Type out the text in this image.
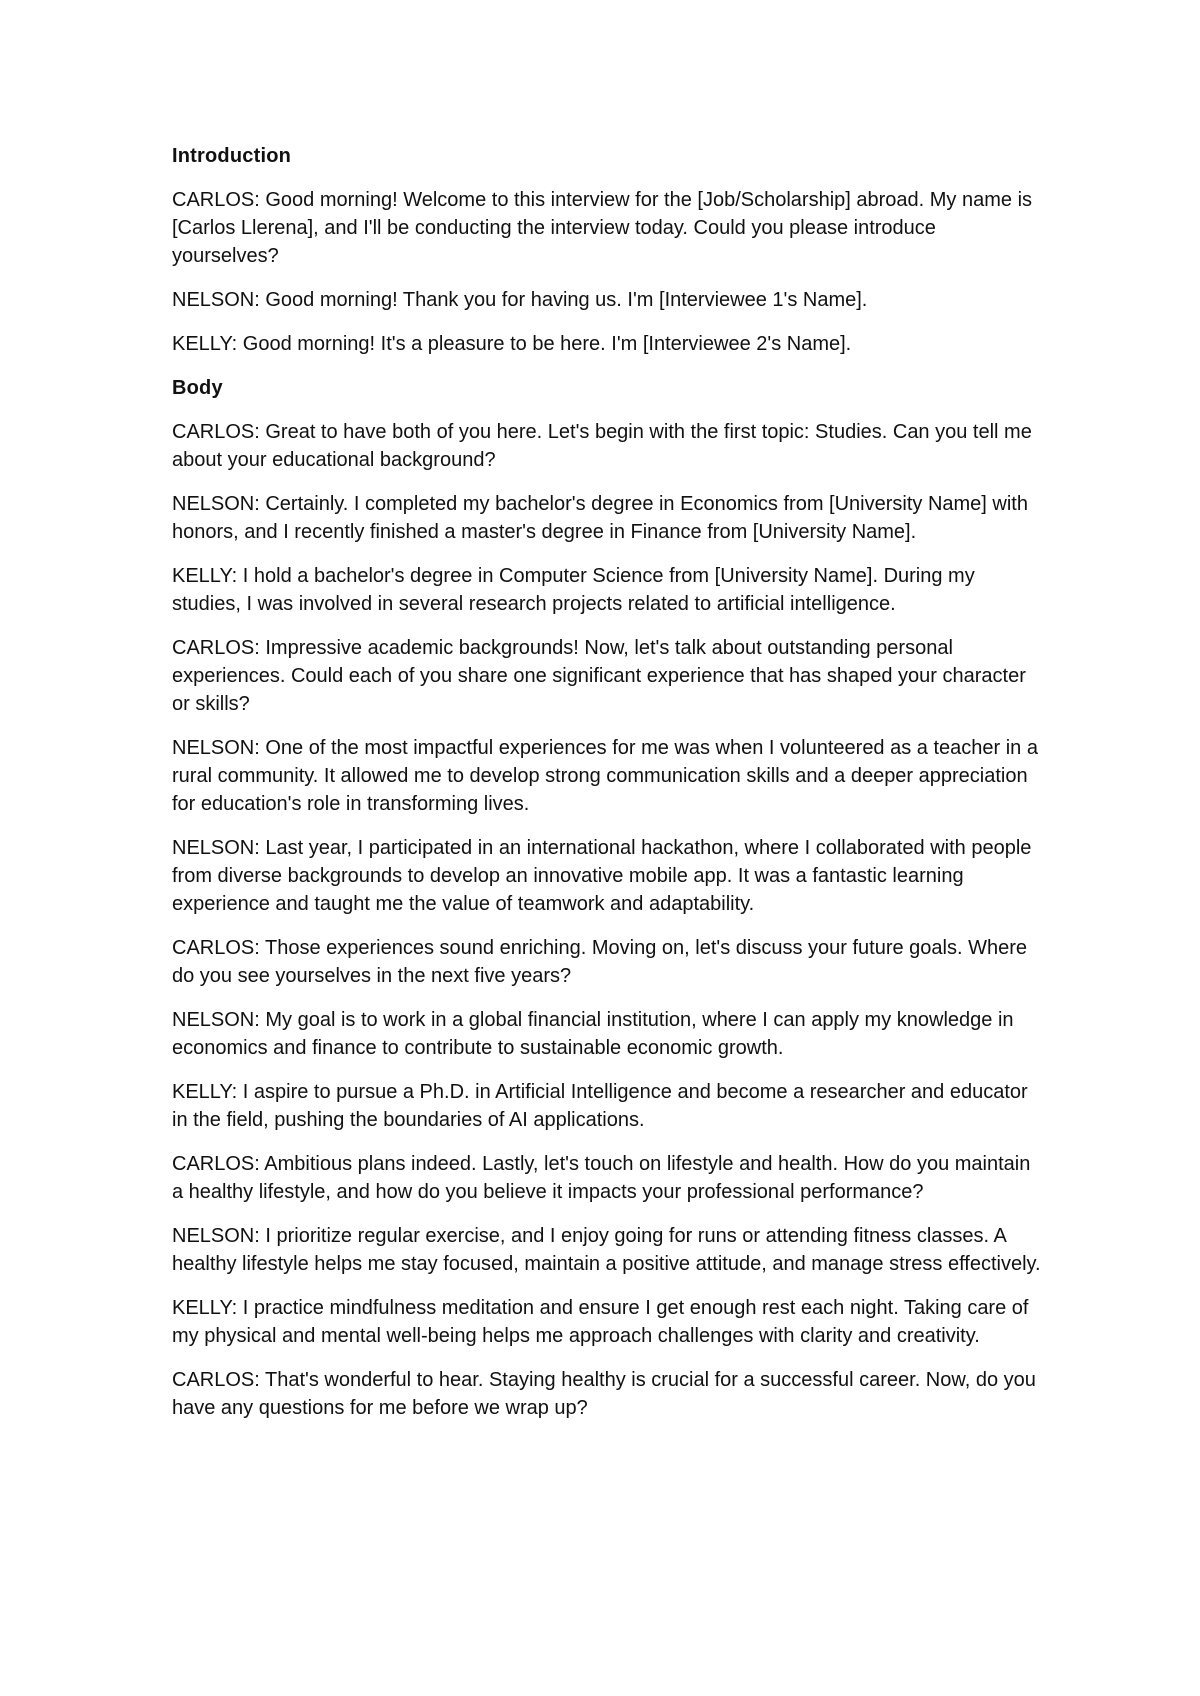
Introduction

CARLOS: Good morning! Welcome to this interview for the [Job/Scholarship] abroad. My name is [Carlos Llerena], and I'll be conducting the interview today. Could you please introduce yourselves?

NELSON: Good morning! Thank you for having us. I'm [Interviewee 1's Name].

KELLY: Good morning! It's a pleasure to be here. I'm [Interviewee 2's Name].

Body

CARLOS: Great to have both of you here. Let's begin with the first topic: Studies. Can you tell me about your educational background?

NELSON: Certainly. I completed my bachelor's degree in Economics from [University Name] with honors, and I recently finished a master's degree in Finance from [University Name].

KELLY: I hold a bachelor's degree in Computer Science from [University Name]. During my studies, I was involved in several research projects related to artificial intelligence.

CARLOS: Impressive academic backgrounds! Now, let's talk about outstanding personal experiences. Could each of you share one significant experience that has shaped your character or skills?

NELSON: One of the most impactful experiences for me was when I volunteered as a teacher in a rural community. It allowed me to develop strong communication skills and a deeper appreciation for education's role in transforming lives.

NELSON: Last year, I participated in an international hackathon, where I collaborated with people from diverse backgrounds to develop an innovative mobile app. It was a fantastic learning experience and taught me the value of teamwork and adaptability.

CARLOS: Those experiences sound enriching. Moving on, let's discuss your future goals. Where do you see yourselves in the next five years?

NELSON: My goal is to work in a global financial institution, where I can apply my knowledge in economics and finance to contribute to sustainable economic growth.

KELLY: I aspire to pursue a Ph.D. in Artificial Intelligence and become a researcher and educator in the field, pushing the boundaries of AI applications.

CARLOS: Ambitious plans indeed. Lastly, let's touch on lifestyle and health. How do you maintain a healthy lifestyle, and how do you believe it impacts your professional performance?

NELSON: I prioritize regular exercise, and I enjoy going for runs or attending fitness classes. A healthy lifestyle helps me stay focused, maintain a positive attitude, and manage stress effectively.

KELLY: I practice mindfulness meditation and ensure I get enough rest each night. Taking care of my physical and mental well-being helps me approach challenges with clarity and creativity.

CARLOS: That's wonderful to hear. Staying healthy is crucial for a successful career. Now, do you have any questions for me before we wrap up?
